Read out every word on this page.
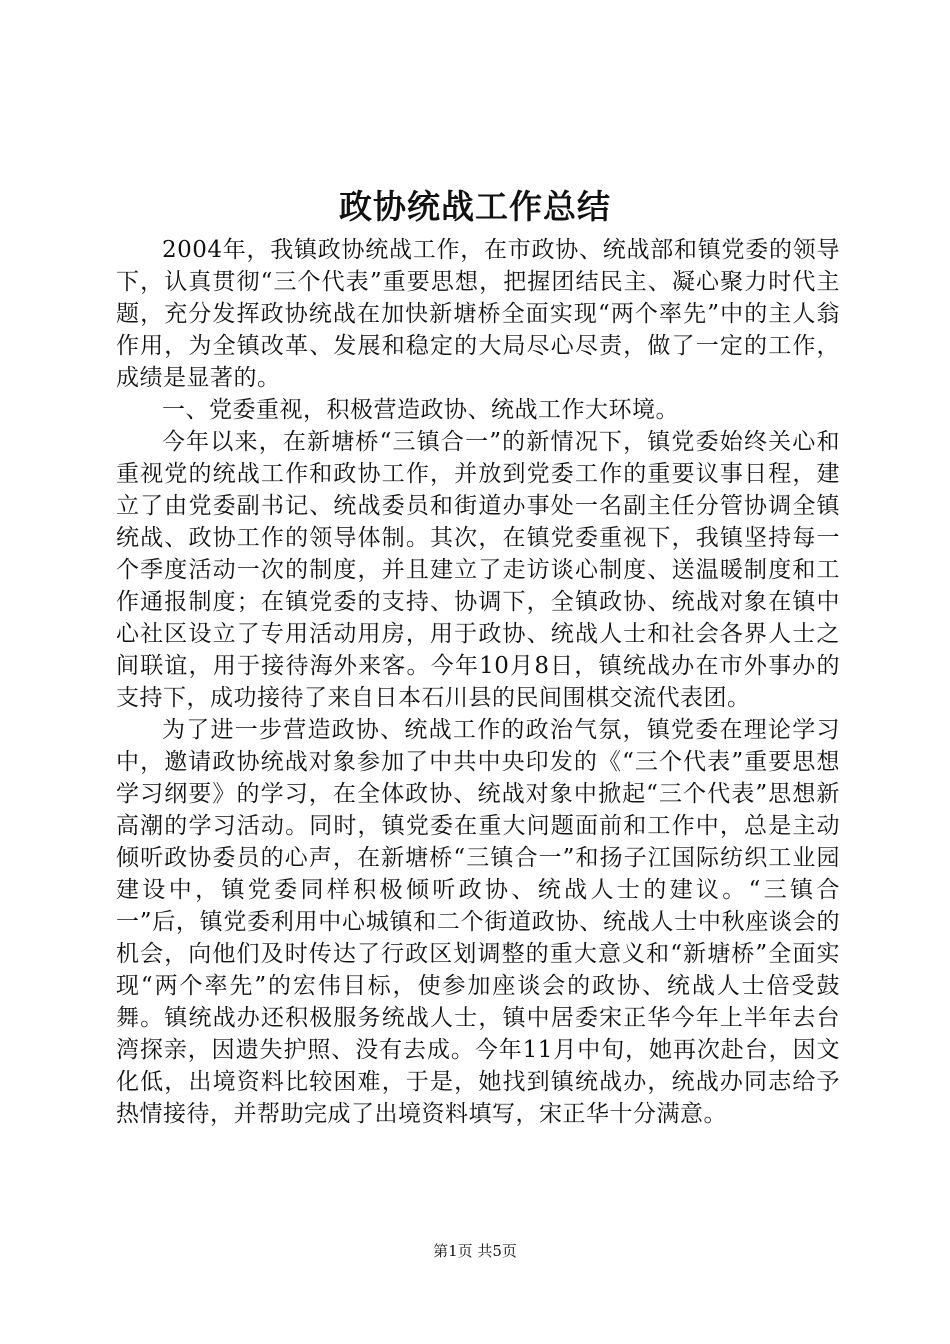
政协统战工作总结

2004年，我镇政协统战工作，在市政协、统战部和镇党委的领导下，认真贯彻“三个代表”重要思想，把握团结民主、凝心聚力时代主题，充分发挥政协统战在加快新塘桥全面实现“两个率先”中的主人翁作用，为全镇改革、发展和稳定的大局尽心尽责，做了一定的工作，成绩是显著的。

一、党委重视，积极营造政协、统战工作大环境。

今年以来，在新塘桥“三镇合一”的新情况下，镇党委始终关心和重视党的统战工作和政协工作，并放到党委工作的重要议事日程，建立了由党委副书记、统战委员和街道办事处一名副主任分管协调全镇统战、政协工作的领导体制。其次，在镇党委重视下，我镇坚持每一个季度活动一次的制度，并且建立了走访谈心制度、送温暖制度和工作通报制度；在镇党委的支持、协调下，全镇政协、统战对象在镇中心社区设立了专用活动用房，用于政协、统战人士和社会各界人士之间联谊，用于接待海外来客。今年10月8日，镇统战办在市外事办的支持下，成功接待了来自日本石川县的民间围棋交流代表团。

为了进一步营造政协、统战工作的政治气氛，镇党委在理论学习中，邀请政协统战对象参加了中共中央印发的《“三个代表”重要思想学习纲要》的学习，在全体政协、统战对象中掀起“三个代表”思想新高潮的学习活动。同时，镇党委在重大问题面前和工作中，总是主动倾听政协委员的心声，在新塘桥“三镇合一”和扬子江国际纺织工业园建设中，镇党委同样积极倾听政协、统战人士的建议。“三镇合一”后，镇党委利用中心城镇和二个街道政协、统战人士中秋座谈会的机会，向他们及时传达了行政区划调整的重大意义和“新塘桥”全面实现“两个率先”的宏伟目标，使参加座谈会的政协、统战人士倍受鼓舞。镇统战办还积极服务统战人士，镇中居委宋正华今年上半年去台湾探亲，因遗失护照、没有去成。今年11月中旬，她再次赴台，因文化低，出境资料比较困难，于是，她找到镇统战办，统战办同志给予热情接待，并帮助完成了出境资料填写，宋正华十分满意。

第1页 共5页
